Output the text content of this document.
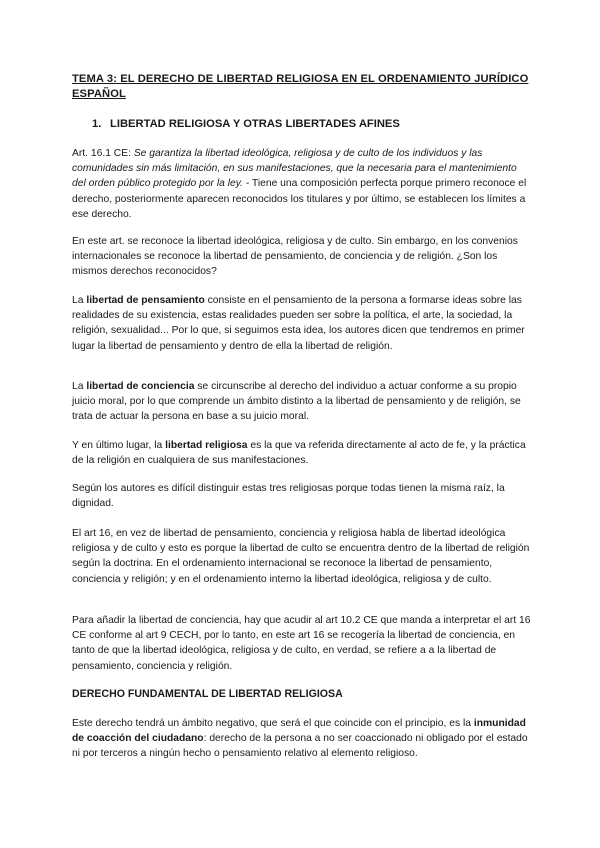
TEMA 3: EL DERECHO DE LIBERTAD RELIGIOSA EN EL ORDENAMIENTO JURÍDICO ESPAÑOL
1. LIBERTAD RELIGIOSA Y OTRAS LIBERTADES AFINES
Art. 16.1 CE: Se garantiza la libertad ideológica, religiosa y de culto de los individuos y las comunidades sin más limitación, en sus manifestaciones, que la necesaria para el mantenimiento del orden público protegido por la ley. - Tiene una composición perfecta porque primero reconoce el derecho, posteriormente aparecen reconocidos los titulares y por último, se establecen los límites a ese derecho.
En este art. se reconoce la libertad ideológica, religiosa y de culto. Sin embargo, en los convenios internacionales se reconoce la libertad de pensamiento, de conciencia y de religión. ¿Son los mismos derechos reconocidos?
La libertad de pensamiento consiste en el pensamiento de la persona a formarse ideas sobre las realidades de su existencia, estas realidades pueden ser sobre la política, el arte, la sociedad, la religión, sexualidad... Por lo que, si seguimos esta idea, los autores dicen que tendremos en primer lugar la libertad de pensamiento y dentro de ella la libertad de religión.
La libertad de conciencia se circunscribe al derecho del individuo a actuar conforme a su propio juicio moral, por lo que comprende un ámbito distinto a la libertad de pensamiento y de religión, se trata de actuar la persona en base a su juicio moral.
Y en último lugar, la libertad religiosa es la que va referida directamente al acto de fe, y la práctica de la religión en cualquiera de sus manifestaciones.
Según los autores es difícil distinguir estas tres religiosas porque todas tienen la misma raíz, la dignidad.
El art 16, en vez de libertad de pensamiento, conciencia y religiosa habla de libertad ideológica religiosa y de culto y esto es porque la libertad de culto se encuentra dentro de la libertad de religión según la doctrina. En el ordenamiento internacional se reconoce la libertad de pensamiento, conciencia y religión; y en el ordenamiento interno la libertad ideológica, religiosa y de culto.
Para añadir la libertad de conciencia, hay que acudir al art 10.2 CE que manda a interpretar el art 16 CE conforme al art 9 CECH, por lo tanto, en este art 16 se recogería la libertad de conciencia, en tanto de que la libertad ideológica, religiosa y de culto, en verdad, se refiere a a la libertad de pensamiento, conciencia y religión.
DERECHO FUNDAMENTAL DE LIBERTAD RELIGIOSA
Este derecho tendrá un ámbito negativo, que será el que coincide con el principio, es la inmunidad de coacción del ciudadano: derecho de la persona a no ser coaccionado ni obligado por el estado ni por terceros a ningún hecho o pensamiento relativo al elemento religioso.
